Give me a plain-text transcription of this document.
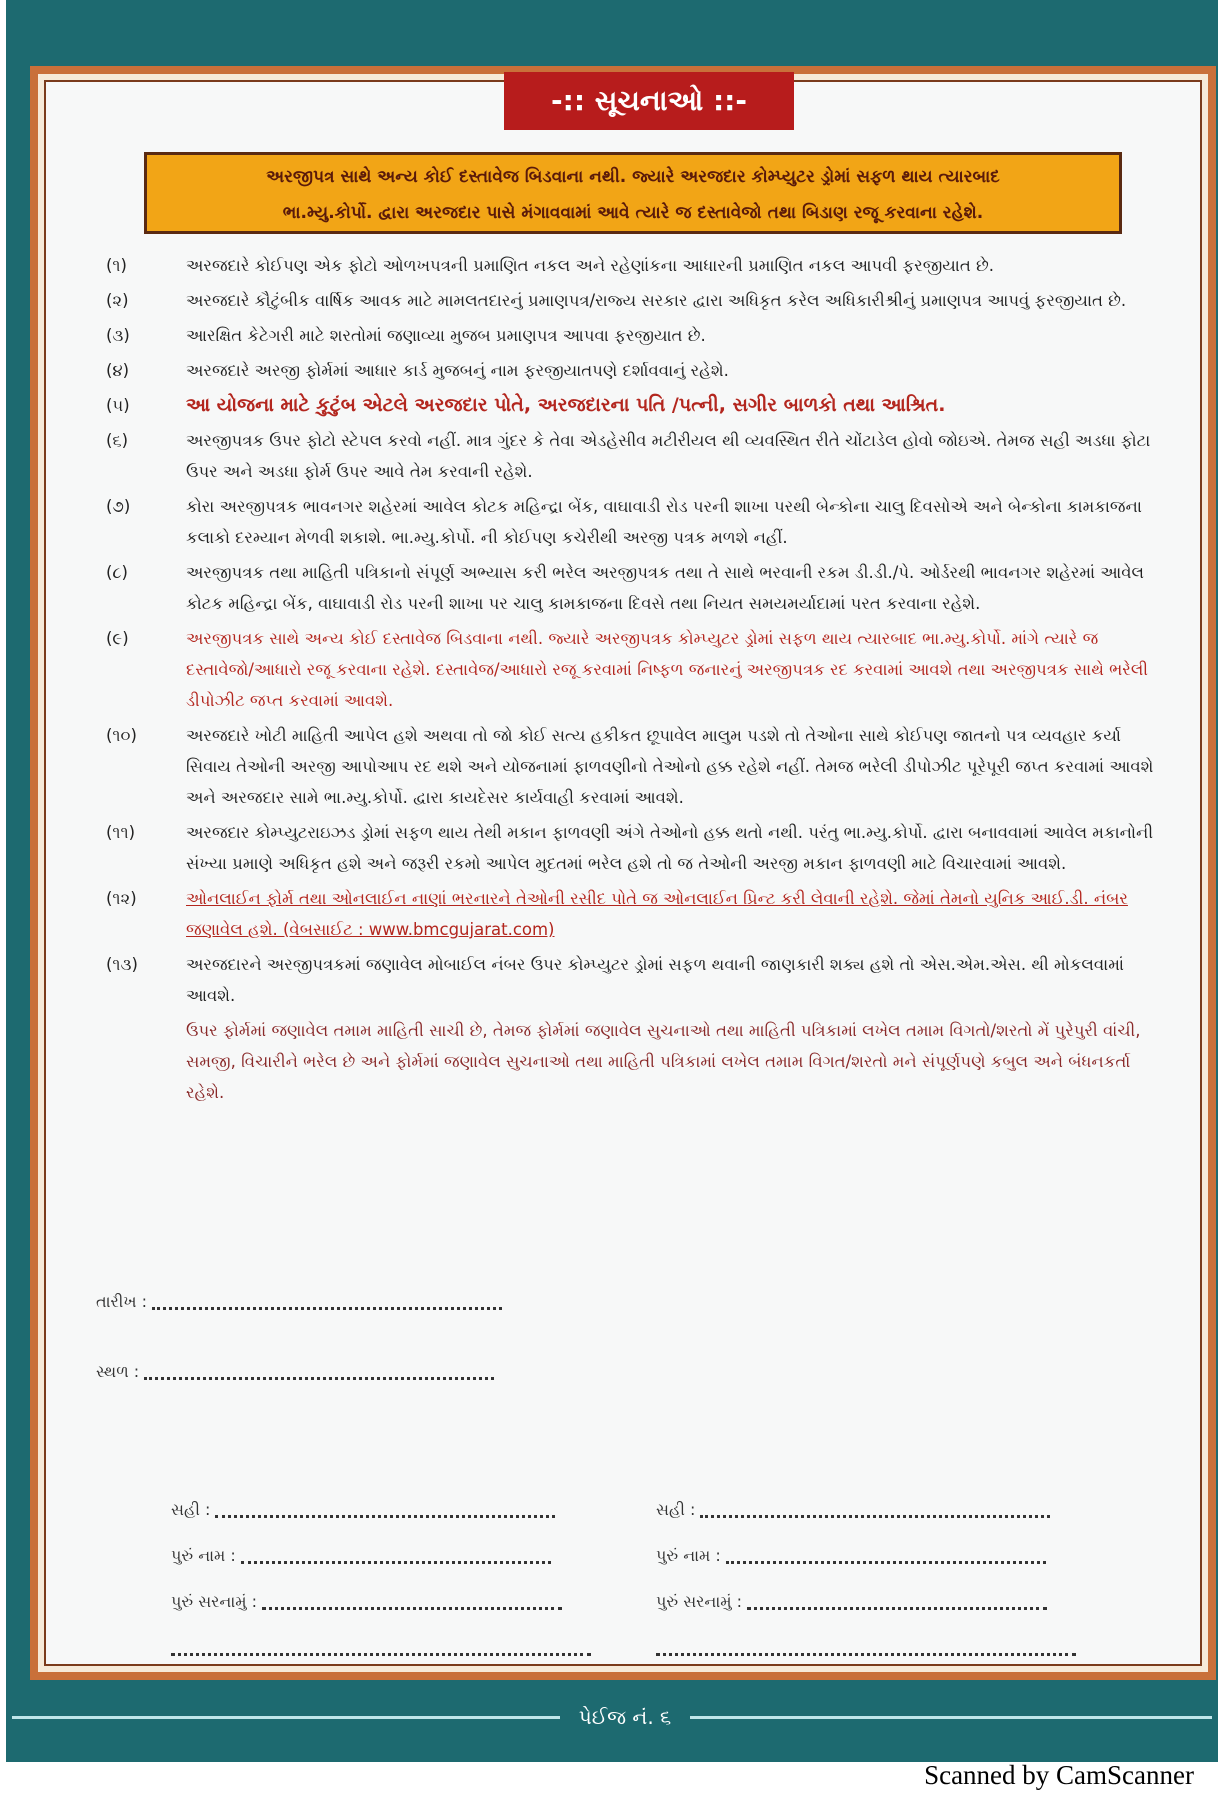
-:: સૂચનાઓ ::-
અરજીપત્ર સાથે અન્ય કોઈ દસ્તાવેજ બિડવાના નથી. જ્યારે અરજદાર કોમ્પ્યુટર ડ્રોમાં સફળ થાય ત્યારબાદ
ભા.મ્યુ.કોર્પો. દ્વારા અરજદાર પાસે મંગાવવામાં આવે ત્યારે જ દસ્તાવેજો તથા બિડાણ રજૂ કરવાના રહેશે.
(૧)	અરજદારે કોઈપણ એક ફોટો ઓળખપત્રની પ્રમાણિત નકલ અને રહેણાંકના આધારની પ્રમાણિત નકલ આપવી ફરજીયાત છે.
(૨)	અરજદારે કૌટુંબીક વાર્ષિક આવક માટે મામલતદારનું પ્રમાણપત્ર/રાજ્ય સરકાર દ્વારા અધિકૃત કરેલ અધિકારીશ્રીનું પ્રમાણપત્ર આપવું ફરજીયાત છે.
(૩)	આરક્ષિત કેટેગરી માટે શરતોમાં જણાવ્યા મુજબ પ્રમાણપત્ર આપવા ફરજીયાત છે.
(૪)	અરજદારે અરજી ફોર્મમાં આધાર કાર્ડ મુજબનું નામ ફરજીયાતપણે દર્શાવવાનું રહેશે.
(૫)	આ યોજના માટે કુટુંબ એટલે અરજદાર પોતે, અરજદારના પતિ /પત્ની, સગીર બાળકો તથા આશ્રિત.
(૬)	અરજીપત્રક ઉપર ફોટો સ્ટેપલ કરવો નહીં. માત્ર ગુંદર કે તેવા એડહેસીવ મટીરીયલ થી વ્યવસ્થિત રીતે ચોંટાડેલ હોવો જોઇએ. તેમજ સહી અડધા ફોટા ઉપર અને અડધા ફોર્મ ઉપર આવે તેમ કરવાની રહેશે.
(૭)	કોરા અરજીપત્રક ભાવનગર શહેરમાં આવેલ કોટક મહિન્દ્રા બેંક, વાઘાવાડી રોડ પરની શાખા પરથી બેન્કોના ચાલુ દિવસોએ અને બેન્કોના કામકાજના કલાકો દરમ્યાન મેળવી શકાશે. ભા.મ્યુ.કોર્પો. ની કોઈપણ કચેરીથી અરજી પત્રક મળશે નહીં.
(૮)	અરજીપત્રક તથા માહિતી પત્રિકાનો સંપૂર્ણ અભ્યાસ કરી ભરેલ અરજીપત્રક તથા તે સાથે ભરવાની રકમ ડી.ડી./પે. ઓર્ડરથી ભાવનગર શહેરમાં આવેલ કોટક મહિન્દ્રા બેંક, વાઘાવાડી રોડ પરની શાખા પર ચાલુ કામકાજના દિવસે તથા નિયત સમયમર્યાદામાં પરત કરવાના રહેશે.
(૯)	અરજીપત્રક સાથે અન્ય કોઈ દસ્તાવેજ બિડવાના નથી. જ્યારે અરજીપત્રક કોમ્પ્યુટર ડ્રોમાં સફળ થાય ત્યારબાદ ભા.મ્યુ.કોર્પો. માંગે ત્યારે જ દસ્તાવેજો/આધારો રજૂ કરવાના રહેશે. દસ્તાવેજ/આધારો રજૂ કરવામાં નિષ્ફળ જનારનું અરજીપત્રક રદ કરવામાં આવશે તથા અરજીપત્રક સાથે ભરેલી ડીપોઝીટ જપ્ત કરવામાં આવશે.
(૧૦)	અરજદારે ખોટી માહિતી આપેલ હશે અથવા તો જો કોઈ સત્ય હકીકત છૂપાવેલ માલુમ પડશે તો તેઓના સાથે કોઈપણ જાતનો પત્ર વ્યવહાર કર્યા સિવાય તેઓની અરજી આપોઆપ રદ થશે અને યોજનામાં ફાળવણીનો તેઓનો હક્ક રહેશે નહીં. તેમજ ભરેલી ડીપોઝીટ પૂરેપૂરી જપ્ત કરવામાં આવશે અને અરજદાર સામે ભા.મ્યુ.કોર્પો. દ્વારા કાયદેસર કાર્યવાહી કરવામાં આવશે.
(૧૧)	અરજદાર કોમ્પ્યુટરાઇઝડ ડ્રોમાં સફળ થાય તેથી મકાન ફાળવણી અંગે તેઓનો હક્ક થતો નથી. પરંતુ ભા.મ્યુ.કોર્પો. દ્વારા બનાવવામાં આવેલ મકાનોની સંખ્યા પ્રમાણે અધિકૃત હશે અને જરૂરી રકમો આપેલ મુદતમાં ભરેલ હશે તો જ તેઓની અરજી મકાન ફાળવણી માટે વિચારવામાં આવશે.
(૧૨)	ઓનલાઈન ફોર્મ તથા ઓનલાઈન નાણાં ભરનારને તેઓની રસીદ પોતે જ ઓનલાઈન પ્રિન્ટ કરી લેવાની રહેશે. જેમાં તેમનો યુનિક આઈ.ડી. નંબર જણાવેલ હશે. (વેબસાઈટ : www.bmcgujarat.com)
(૧૩)	અરજદારને અરજીપત્રકમાં જણાવેલ મોબાઈલ નંબર ઉપર કોમ્પ્યુટર ડ્રોમાં સફળ થવાની જાણકારી શક્ય હશે તો એસ.એમ.એસ. થી મોકલવામાં આવશે.
ઉપર ફોર્મમાં જણાવેલ તમામ માહિતી સાચી છે, તેમજ ફોર્મમાં જણાવેલ સુચનાઓ તથા માહિતી પત્રિકામાં લખેલ તમામ વિગતો/શરતો મેં પુરેપુરી વાંચી, સમજી, વિચારીને ભરેલ છે અને ફોર્મમાં જણાવેલ સુચનાઓ તથા માહિતી પત્રિકામાં લખેલ તમામ વિગત/શરતો મને સંપૂર્ણપણે કબુલ અને બંધનકર્તા રહેશે.
તારીખ :
સ્થળ :
સહી :
પુરું નામ :
પુરું સરનામું :
સહી :
પુરું નામ :
પુરું સરનામું :
પેઈજ નં. ૬
Scanned by CamScanner
